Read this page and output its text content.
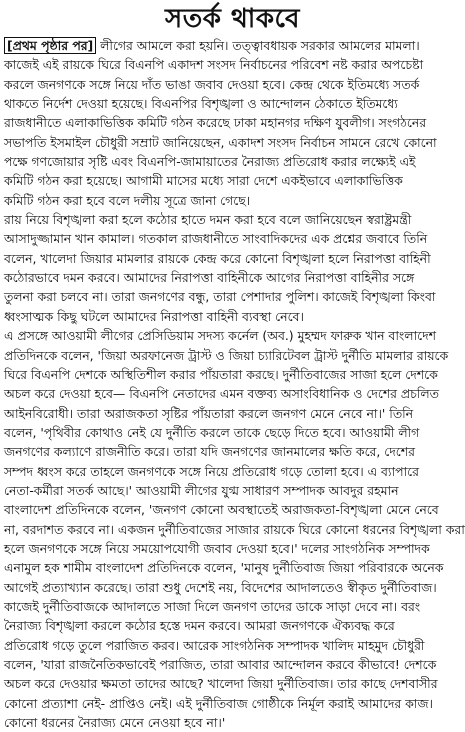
সতর্ক থাকবে
[প্রথম পৃষ্ঠার পর] লীগের আমলে করা হয়নি। তত্ত্বাবধায়ক সরকার আমলের মামলা।
কাজেই এই রায়কে ঘিরে বিএনপি একাদশ সংসদ নির্বাচনের পরিবেশ নষ্ট করার অপচেষ্টা
করলে জনগণকে সঙ্গে নিয়ে দাঁত ভাঙা জবাব দেওয়া হবে। কেন্দ্র থেকে ইতিমধ্যে সতর্ক
থাকতে নির্দেশ দেওয়া হয়েছে। বিএনপির বিশৃঙ্খলা ও আন্দোলন ঠেকাতে ইতিমধ্যে
রাজধানীতে এলাকাভিত্তিক কমিটি গঠন করেছে ঢাকা মহানগর দক্ষিণ যুবলীগ। সংগঠনের
সভাপতি ইসমাইল চৌধুরী সম্রাট জানিয়েছেন, একাদশ সংসদ নির্বাচন সামনে রেখে কোনো
পক্ষে গণজোয়ার সৃষ্টি এবং বিএনপি-জামায়াতের নৈরাজ্য প্রতিরোধ করার লক্ষ্যেই এই
কমিটি গঠন করা হয়েছে। আগামী মাসের মধ্যে সারা দেশে একইভাবে এলাকাভিত্তিক
কমিটি গঠন করা হবে বলে দলীয় সূত্রে জানা গেছে।
রায় নিয়ে বিশৃঙ্খলা করা হলে কঠোর হাতে দমন করা হবে বলে জানিয়েছেন স্বরাষ্ট্রমন্ত্রী
আসাদুজ্জামান খান কামাল। গতকাল রাজধানীতে সাংবাদিকদের এক প্রশ্নের জবাবে তিনি
বলেন, খালেদা জিয়ার মামলার রায়কে কেন্দ্র করে কোনো বিশৃঙ্খলা হলে নিরাপত্তা বাহিনী
কঠোরভাবে দমন করবে। আমাদের নিরাপত্তা বাহিনীকে আগের নিরাপত্তা বাহিনীর সঙ্গে
তুলনা করা চলবে না। তারা জনগণের বন্ধু, তারা পেশাদার পুলিশ। কাজেই বিশৃঙ্খলা কিংবা
ধ্বংসাত্মক কিছু ঘটলে আমাদের নিরাপত্তা বাহিনী ব্যবস্থা নেবে।
এ প্রসঙ্গে আওয়ামী লীগের প্রেসিডিয়াম সদস্য কর্নেল (অব.) মুহম্মদ ফারুক খান বাংলাদেশ
প্রতিদিনকে বলেন, 'জিয়া অরফানেজ ট্রাস্ট ও জিয়া চ্যারিটেবল ট্রাস্ট দুর্নীতি মামলার রায়কে
ঘিরে বিএনপি দেশকে অস্থিতিশীল করার পাঁয়তারা করছে। দুর্নীতিবাজের সাজা হলে দেশকে
অচল করে দেওয়া হবে— বিএনপি নেতাদের এমন বক্তব্য অসাংবিধানিক ও দেশের প্রচলিত
আইনবিরোধী। তারা অরাজকতা সৃষ্টির পাঁয়তারা করলে জনগণ মেনে নেবে না।' তিনি
বলেন, 'পৃথিবীর কোথাও নেই যে দুর্নীতি করলে তাকে ছেড়ে দিতে হবে। আওয়ামী লীগ
জনগণের কল্যাণে রাজনীতি করে। তারা যদি জনগণের জানমালের ক্ষতি করে, দেশের
সম্পদ ধ্বংস করে তাহলে জনগণকে সঙ্গে নিয়ে প্রতিরোধ গড়ে তোলা হবে। এ ব্যাপারে
নেতা-কর্মীরা সতর্ক আছে।' আওয়ামী লীগের যুগ্ম সাধারণ সম্পাদক আবদুর রহমান
বাংলাদেশ প্রতিদিনকে বলেন, 'জনগণ কোনো অবস্থাতেই অরাজকতা-বিশৃঙ্খলা মেনে নেবে
না, বরদাশত করবে না। একজন দুর্নীতিবাজের সাজার রায়কে ঘিরে কোনো ধরনের বিশৃঙ্খলা করা
হলে জনগণকে সঙ্গে নিয়ে সময়োপযোগী জবাব দেওয়া হবে।' দলের সাংগঠনিক সম্পাদক
এনামুল হক শামীম বাংলাদেশ প্রতিদিনকে বলেন, 'মানুষ দুর্নীতিবাজ জিয়া পরিবারকে অনেক
আগেই প্রত্যাখ্যান করেছে। তারা শুধু দেশেই নয়, বিদেশের আদালতেও স্বীকৃত দুর্নীতিবাজ।
কাজেই দুর্নীতিবাজকে আদালতে সাজা দিলে জনগণ তাদের ডাকে সাড়া দেবে না। বরং
নৈরাজ্য বিশৃঙ্খলা করলে কঠোর হস্তে দমন করবে। আমরা জনগণকে ঐক্যবদ্ধ করে
প্রতিরোধ গড়ে তুলে পরাজিত করব। আরেক সাংগঠনিক সম্পাদক খালিদ মাহমুদ চৌধুরী
বলেন, 'যারা রাজনৈতিকভাবেই পরাজিত, তারা আবার আন্দোলন করবে কীভাবে! দেশকে
অচল করে দেওয়ার ক্ষমতা তাদের আছে? খালেদা জিয়া দুর্নীতিবাজ। তার কাছে দেশবাসীর
কোনো প্রত্যাশা নেই- প্রাপ্তিও নেই। এই দুর্নীতিবাজ গোষ্ঠীকে নির্মূল করাই আমাদের কাজ।
কোনো ধরনের নৈরাজ্য মেনে নেওয়া হবে না।'
